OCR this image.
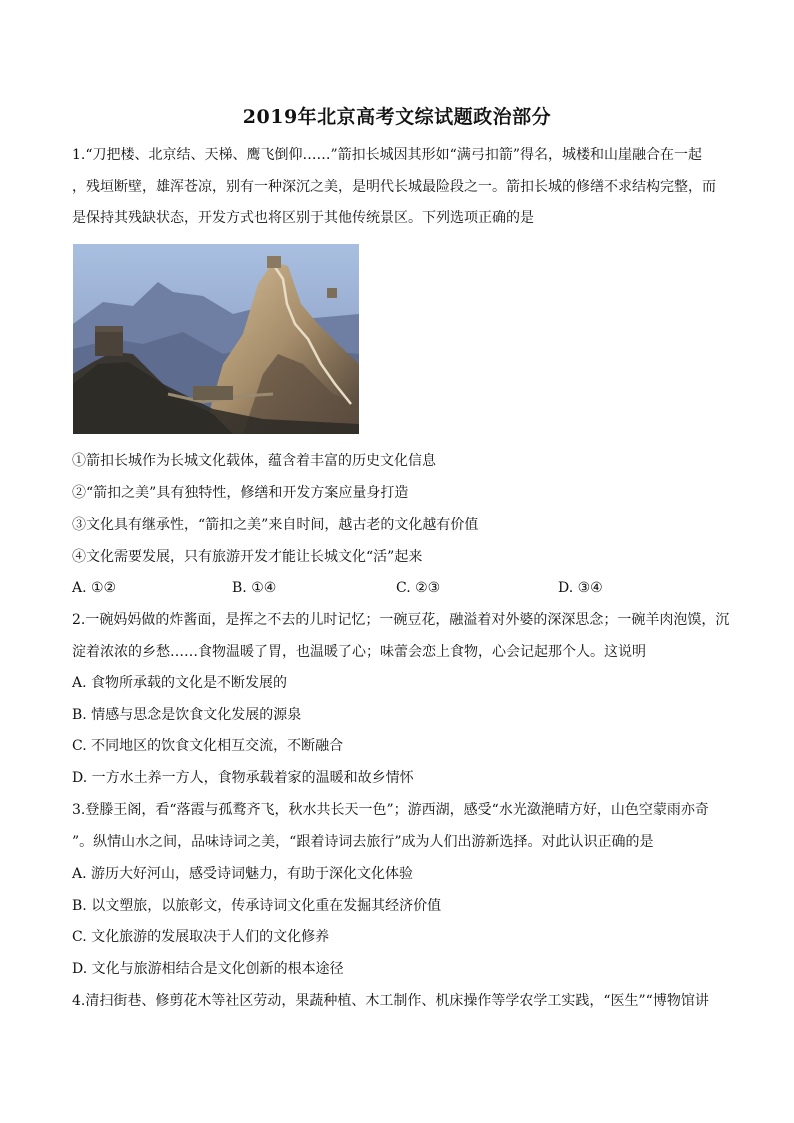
2019年北京高考文综试题政治部分
1.“刀把楼、北京结、天梯、鹰飞倒仰……”箭扣长城因其形如“满弓扣箭”得名，城楼和山崖融合在一起
，残垣断壁，雄浑苍凉，别有一种深沉之美，是明代长城最险段之一。箭扣长城的修缮不求结构完整，而
是保持其残缺状态，开发方式也将区别于其他传统景区。下列选项正确的是
①箭扣长城作为长城文化载体，蕴含着丰富的历史文化信息
②“箭扣之美”具有独特性，修缮和开发方案应量身打造
③文化具有继承性，“箭扣之美”来自时间，越古老的文化越有价值
④文化需要发展，只有旅游开发才能让长城文化“活”起来
A. ①②	B. ①④	C. ②③	D. ③④
2.一碗妈妈做的炸酱面，是挥之不去的儿时记忆；一碗豆花，融溢着对外婆的深深思念；一碗羊肉泡馍，沉
淀着浓浓的乡愁……食物温暖了胃，也温暖了心；味蕾会恋上食物，心会记起那个人。这说明
A. 食物所承载的文化是不断发展的
B. 情感与思念是饮食文化发展的源泉
C. 不同地区的饮食文化相互交流，不断融合
D. 一方水土养一方人，食物承载着家的温暖和故乡情怀
3.登滕王阁，看“落霞与孤鹜齐飞，秋水共长天一色”；游西湖，感受“水光潋滟晴方好，山色空蒙雨亦奇
”。纵情山水之间，品味诗词之美，“跟着诗词去旅行”成为人们出游新选择。对此认识正确的是
A. 游历大好河山，感受诗词魅力，有助于深化文化体验
B. 以文塑旅，以旅彰文，传承诗词文化重在发掘其经济价值
C. 文化旅游的发展取决于人们的文化修养
D. 文化与旅游相结合是文化创新的根本途径
4.清扫街巷、修剪花木等社区劳动，果蔬种植、木工制作、机床操作等学农学工实践，“医生”“博物馆讲
